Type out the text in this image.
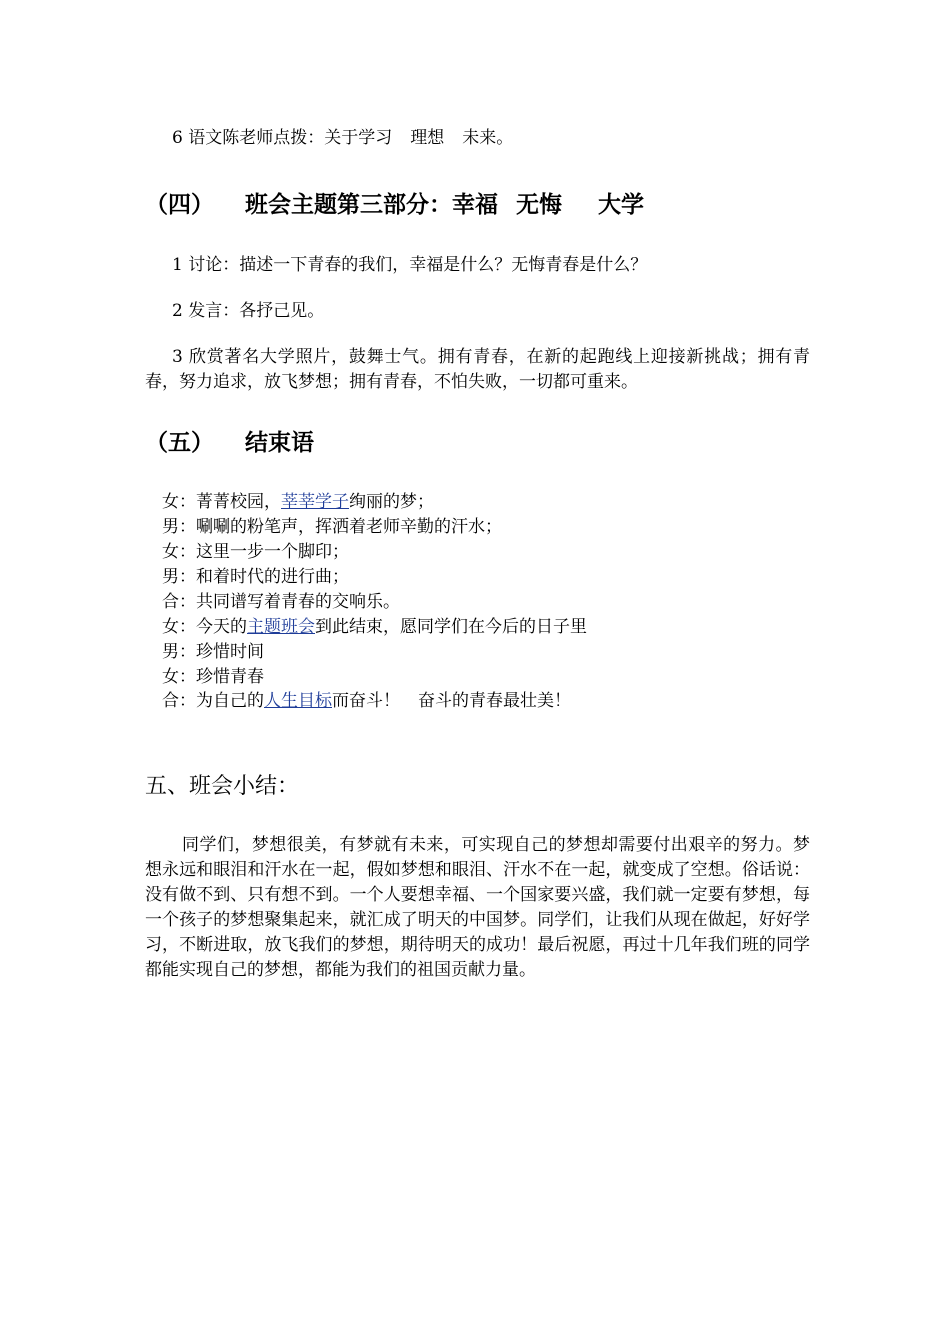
6 语文陈老师点拨：关于学习 理想 未来。
（四） 班会主题第三部分：幸福 无悔 大学
1 讨论：描述一下青春的我们，幸福是什么？无悔青春是什么？
2 发言：各抒己见。
3 欣赏著名大学照片，鼓舞士气。拥有青春，在新的起跑线上迎接新挑战；拥有青春，努力追求，放飞梦想；拥有青春，不怕失败，一切都可重来。
（五） 结束语
女：菁菁校园，莘莘学子绚丽的梦；
男：唰唰的粉笔声，挥洒着老师辛勤的汗水；
女：这里一步一个脚印；
男：和着时代的进行曲；
合：共同谱写着青春的交响乐。
女：今天的主题班会到此结束，愿同学们在今后的日子里
男：珍惜时间
女：珍惜青春
合：为自己的人生目标而奋斗！ 奋斗的青春最壮美！
五、班会小结：
同学们，梦想很美，有梦就有未来，可实现自己的梦想却需要付出艰辛的努力。梦想永远和眼泪和汗水在一起，假如梦想和眼泪、汗水不在一起，就变成了空想。俗话说：没有做不到、只有想不到。一个人要想幸福、一个国家要兴盛，我们就一定要有梦想，每一个孩子的梦想聚集起来，就汇成了明天的中国梦。同学们，让我们从现在做起，好好学习，不断进取，放飞我们的梦想，期待明天的成功！最后祝愿，再过十几年我们班的同学都能实现自己的梦想，都能为我们的祖国贡献力量。
